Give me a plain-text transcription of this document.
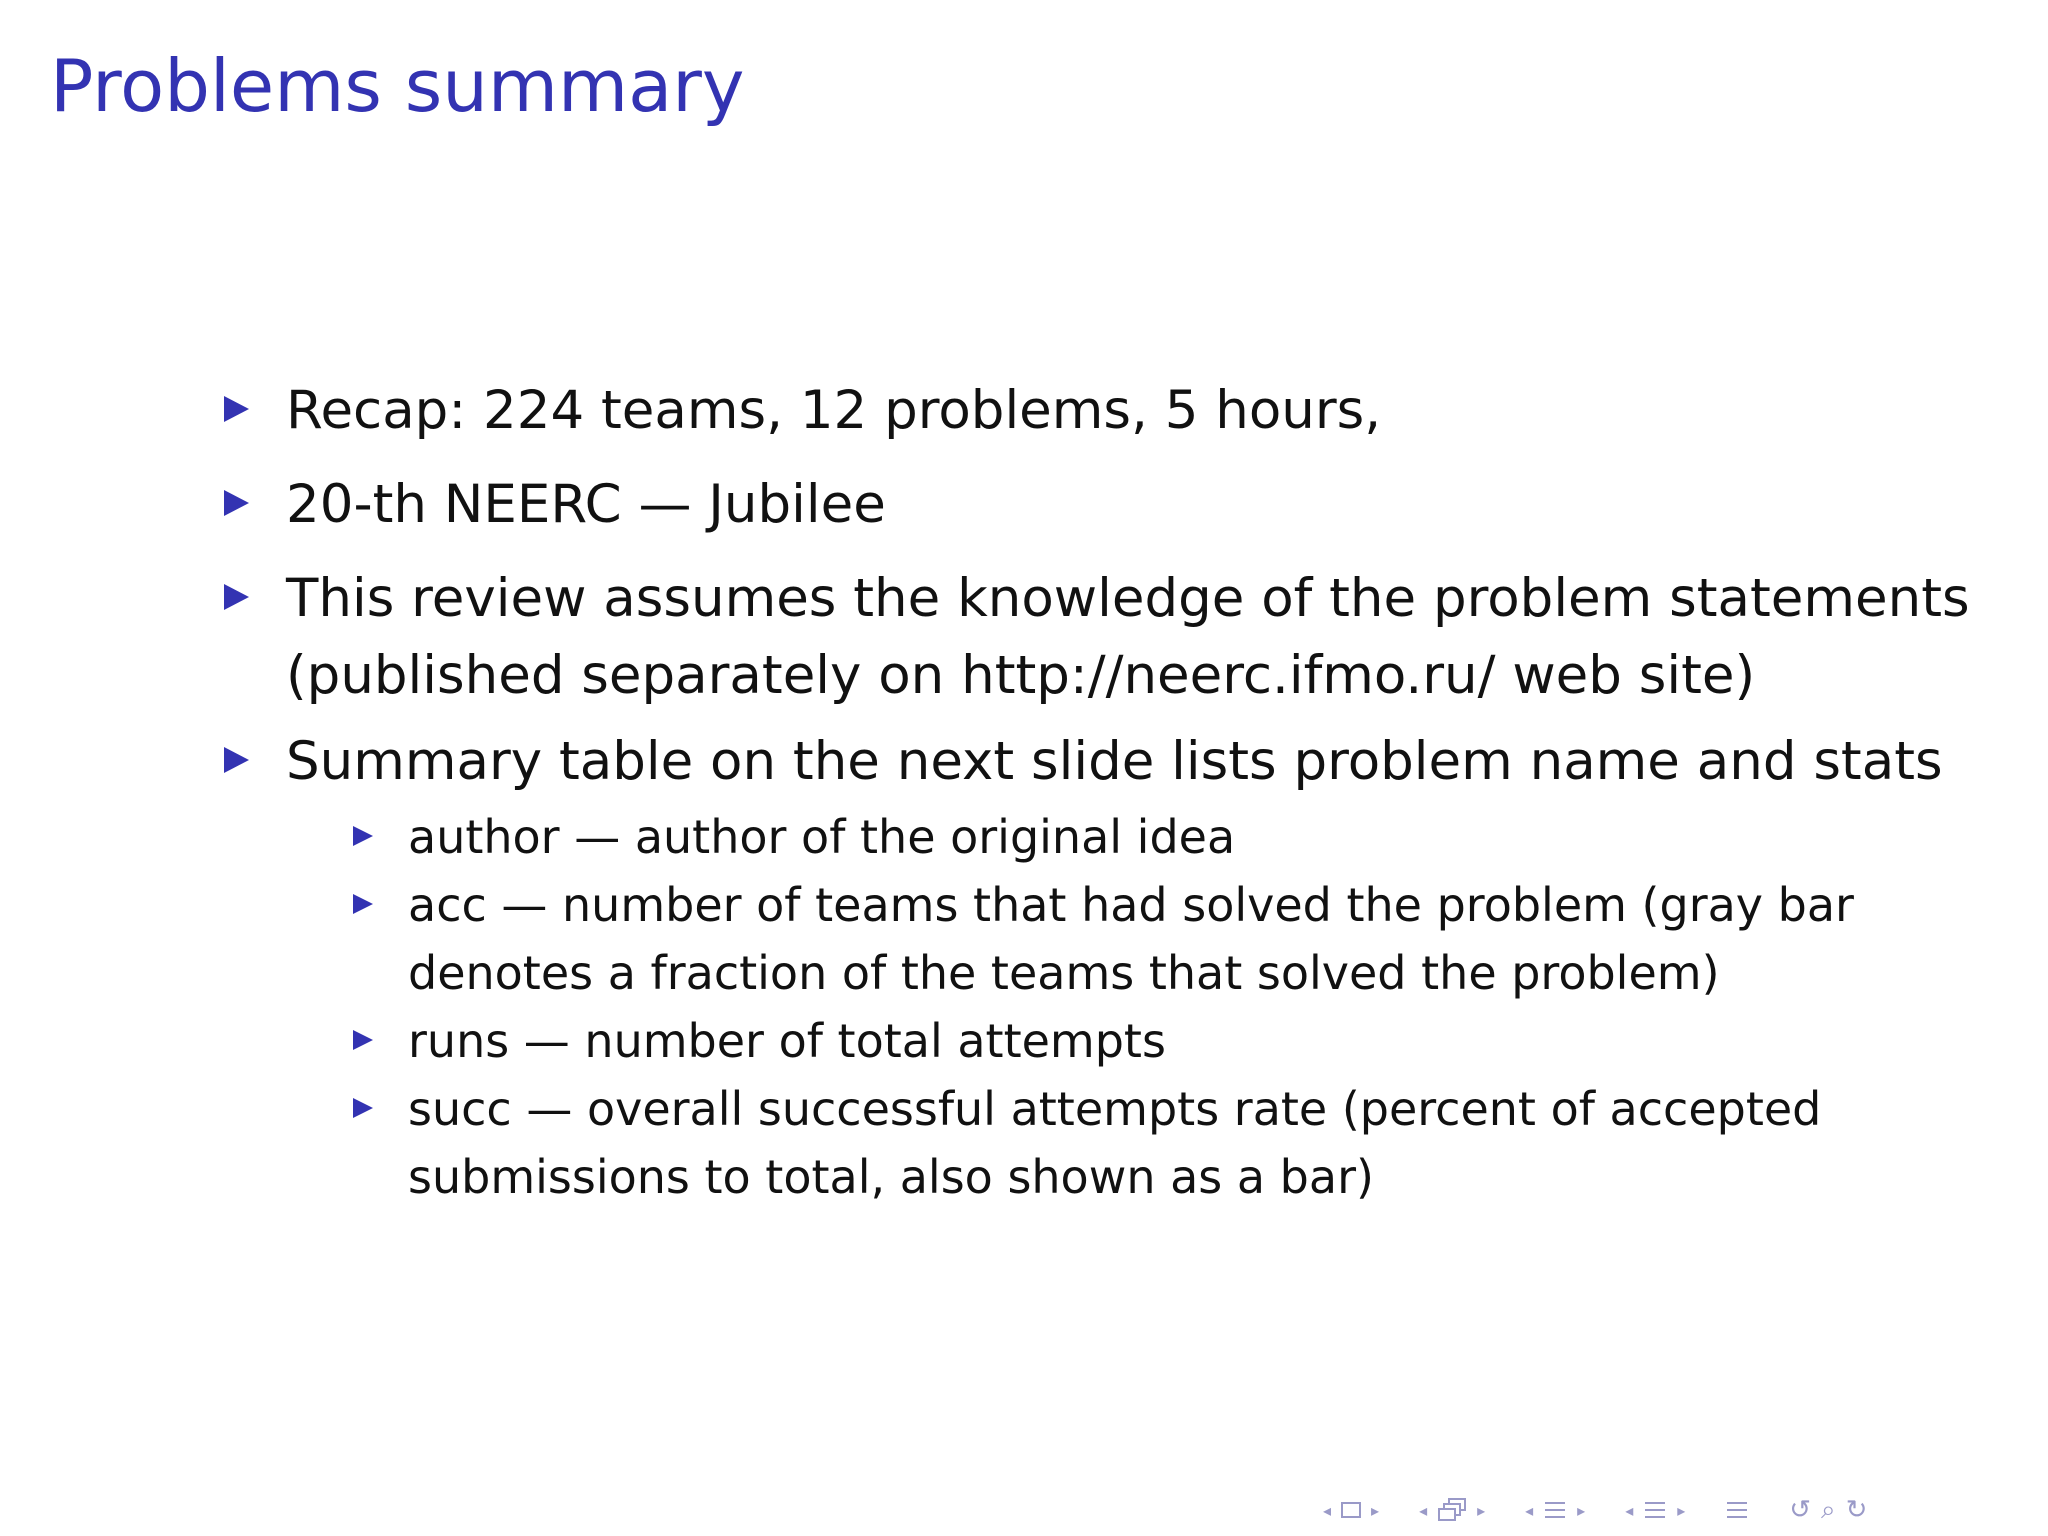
Problems summary
Recap: 224 teams, 12 problems, 5 hours,
20-th NEERC — Jubilee
This review assumes the knowledge of the problem statements
(published separately on http://neerc.ifmo.ru/ web site)
Summary table on the next slide lists problem name and stats
author — author of the original idea
acc — number of teams that had solved the problem (gray bar
denotes a fraction of the teams that solved the problem)
runs — number of total attempts
succ — overall successful attempts rate (percent of accepted
submissions to total, also shown as a bar)
◂	▸	◂	▸	◂	▸	◂	▸	↺ ⌕ ↻
